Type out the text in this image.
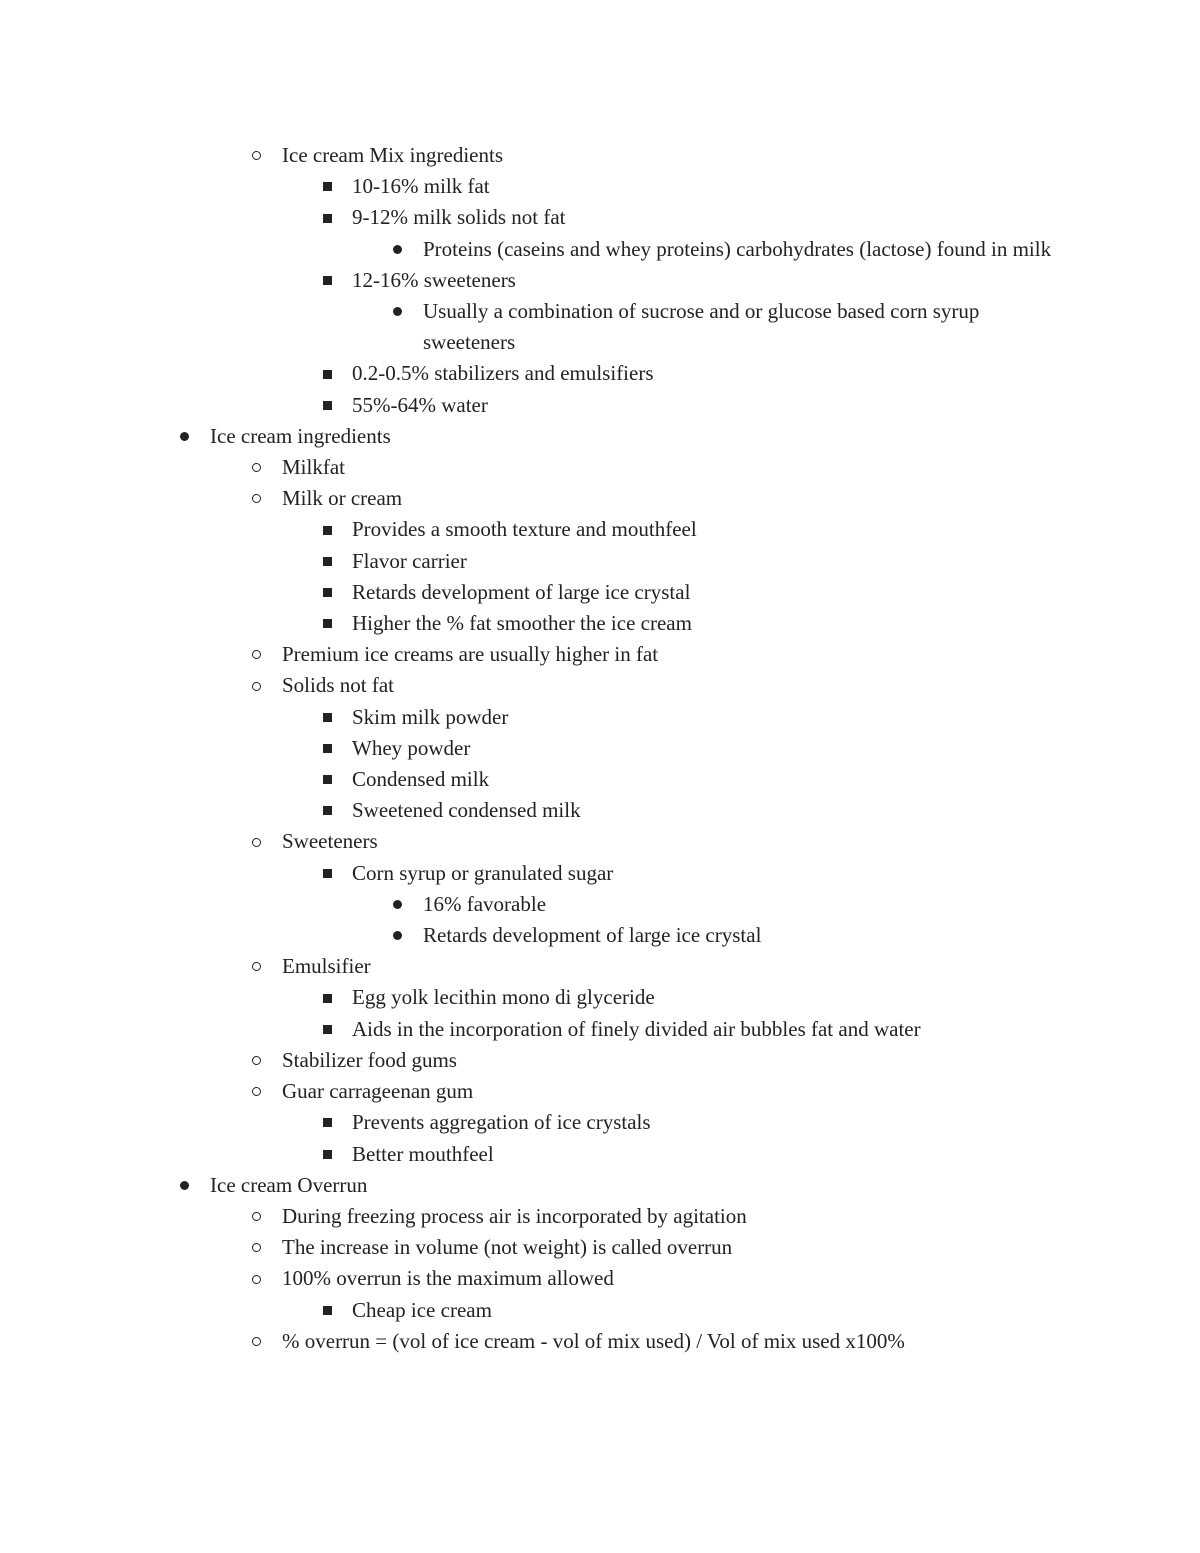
Ice cream Mix ingredients
10-16% milk fat
9-12% milk solids not fat
Proteins (caseins and whey proteins) carbohydrates (lactose) found in milk
12-16% sweeteners
Usually a combination of sucrose and or glucose based corn syrup sweeteners
0.2-0.5% stabilizers and emulsifiers
55%-64% water
Ice cream ingredients
Milkfat
Milk or cream
Provides a smooth texture and mouthfeel
Flavor carrier
Retards development of large ice crystal
Higher the % fat smoother the ice cream
Premium ice creams are usually higher in fat
Solids not fat
Skim milk powder
Whey powder
Condensed milk
Sweetened condensed milk
Sweeteners
Corn syrup or granulated sugar
16% favorable
Retards development of large ice crystal
Emulsifier
Egg yolk lecithin mono di glyceride
Aids in the incorporation of finely divided air bubbles fat and water
Stabilizer food gums
Guar carrageenan gum
Prevents aggregation of ice crystals
Better mouthfeel
Ice cream Overrun
During freezing process air is incorporated by agitation
The increase in volume (not weight) is called overrun
100% overrun is the maximum allowed
Cheap ice cream
% overrun = (vol of ice cream - vol of mix used) / Vol of mix used x100%
